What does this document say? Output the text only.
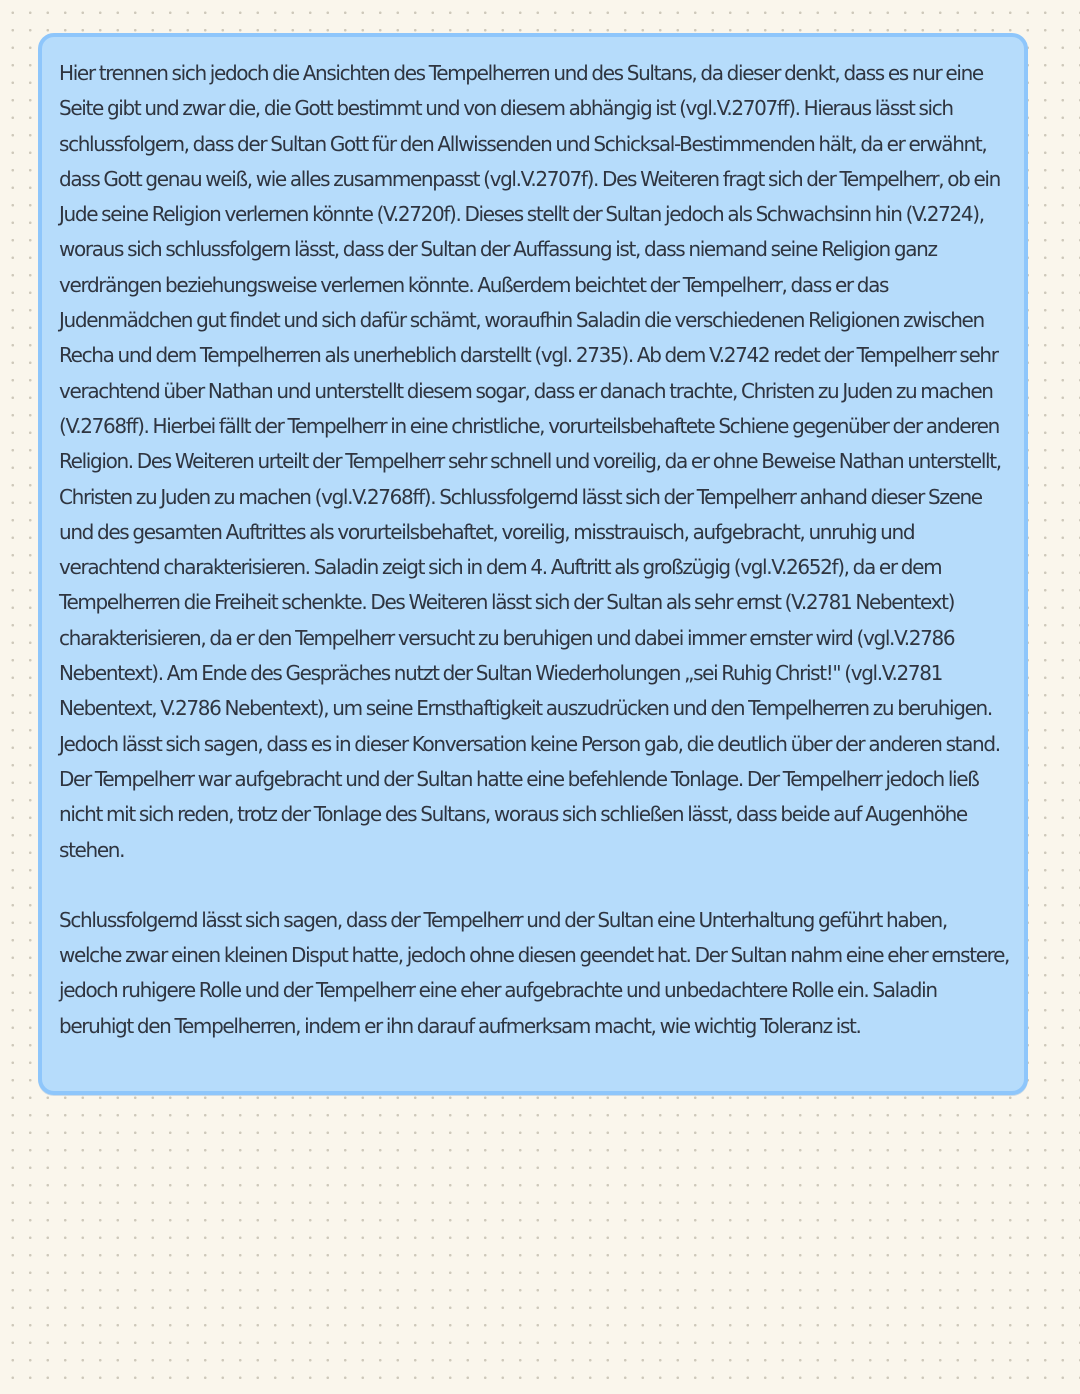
Hier trennen sich jedoch die Ansichten des Tempelherren und des Sultans, da dieser denkt, dass es nur eine Seite gibt und zwar die, die Gott bestimmt und von diesem abhängig ist (vgl.V.2707ff). Hieraus lässt sich schlussfolgern, dass der Sultan Gott für den Allwissenden und Schicksal-Bestimmenden hält, da er erwähnt, dass Gott genau weiß, wie alles zusammenpasst (vgl.V.2707f). Des Weiteren fragt sich der Tempelherr, ob ein Jude seine Religion verlernen könnte (V.2720f). Dieses stellt der Sultan jedoch als Schwachsinn hin (V.2724), woraus sich schlussfolgern lässt, dass der Sultan der Auffassung ist, dass niemand seine Religion ganz verdrängen beziehungsweise verlernen könnte. Außerdem beichtet der Tempelherr, dass er das Judenmädchen gut findet und sich dafür schämt, woraufhin Saladin die verschiedenen Religionen zwischen Recha und dem Tempelherren als unerheblich darstellt (vgl. 2735). Ab dem V.2742 redet der Tempelherr sehr verachtend über Nathan und unterstellt diesem sogar, dass er danach trachte, Christen zu Juden zu machen (V.2768ff). Hierbei fällt der Tempelherr in eine christliche, vorurteilsbehaftete Schiene gegenüber der anderen Religion. Des Weiteren urteilt der Tempelherr sehr schnell und voreilig, da er ohne Beweise Nathan unterstellt, Christen zu Juden zu machen (vgl.V.2768ff). Schlussfolgernd lässt sich der Tempelherr anhand dieser Szene und des gesamten Auftrittes als vorurteilsbehaftet, voreilig, misstrauisch, aufgebracht, unruhig und verachtend charakterisieren. Saladin zeigt sich in dem 4. Auftritt als großzügig (vgl.V.2652f), da er dem Tempelherren die Freiheit schenkte. Des Weiteren lässt sich der Sultan als sehr ernst (V.2781 Nebentext) charakterisieren, da er den Tempelherr versucht zu beruhigen und dabei immer ernster wird (vgl.V.2786 Nebentext). Am Ende des Gespräches nutzt der Sultan Wiederholungen „sei Ruhig Christ!" (vgl.V.2781 Nebentext, V.2786 Nebentext), um seine Ernsthaftigkeit auszudrücken und den Tempelherren zu beruhigen. Jedoch lässt sich sagen, dass es in dieser Konversation keine Person gab, die deutlich über der anderen stand. Der Tempelherr war aufgebracht und der Sultan hatte eine befehlende Tonlage. Der Tempelherr jedoch ließ nicht mit sich reden, trotz der Tonlage des Sultans, woraus sich schließen lässt, dass beide auf Augenhöhe stehen.

Schlussfolgernd lässt sich sagen, dass der Tempelherr und der Sultan eine Unterhaltung geführt haben, welche zwar einen kleinen Disput hatte, jedoch ohne diesen geendet hat. Der Sultan nahm eine eher ernstere, jedoch ruhigere Rolle und der Tempelherr eine eher aufgebrachte und unbedachtere Rolle ein. Saladin beruhigt den Tempelherren, indem er ihn darauf aufmerksam macht, wie wichtig Toleranz ist.
